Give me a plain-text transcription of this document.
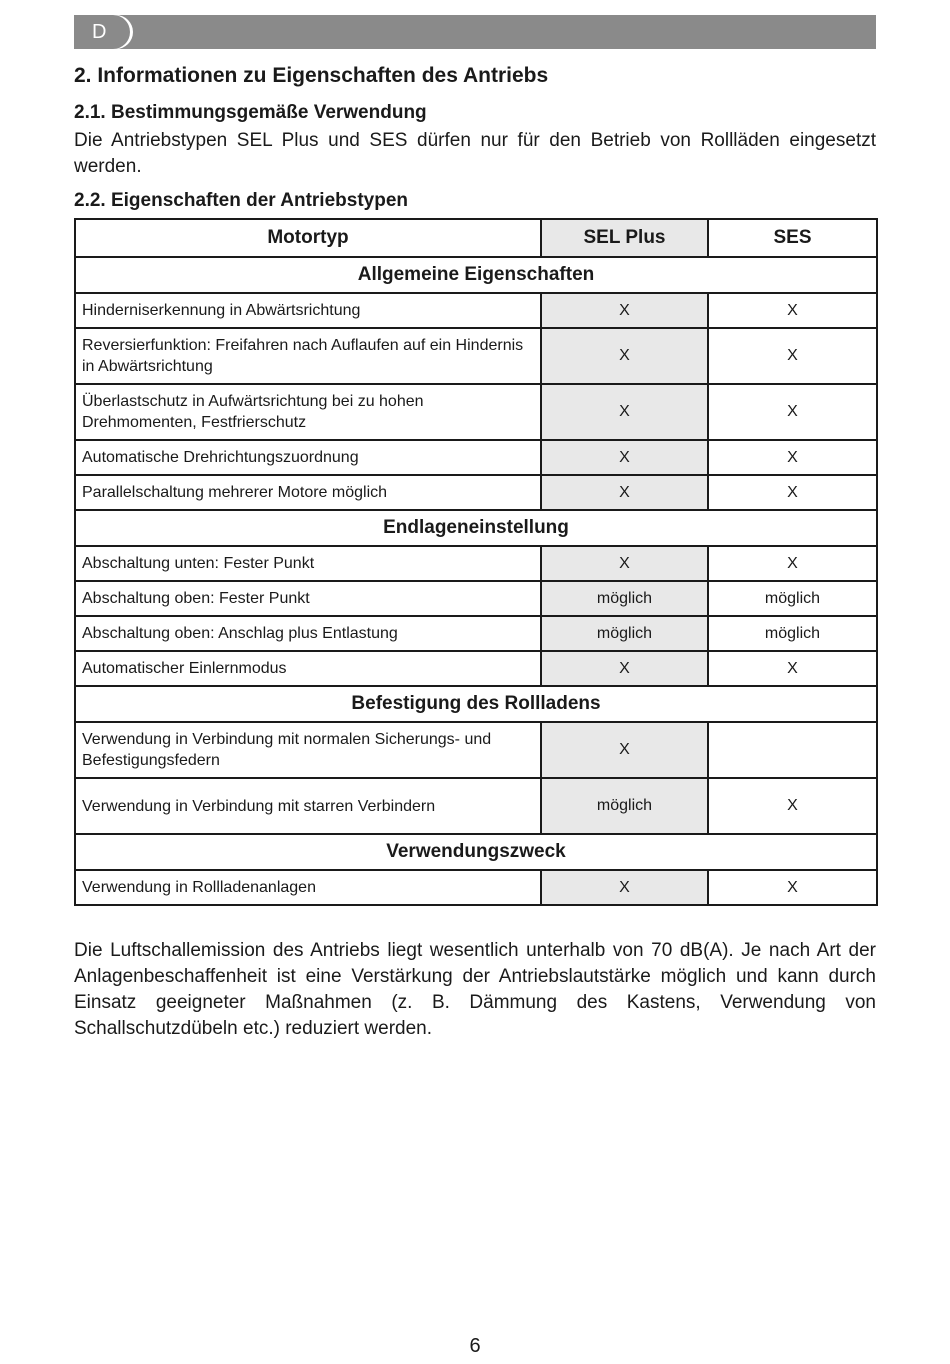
D
2. Informationen zu Eigenschaften des Antriebs
2.1. Bestimmungsgemäße Verwendung

Die Antriebstypen SEL Plus und SES dürfen nur für den Betrieb von Rollläden eingesetzt werden.

2.2. Eigenschaften der Antriebstypen
Motortyp	SEL Plus	SES
Allgemeine Eigenschaften		
Hinderniserkennung in Abwärtsrichtung	X	X
Reversierfunktion: Freifahren nach Auflaufen auf ein Hindernis in Abwärtsrichtung	X	X
Überlastschutz in Aufwärtsrichtung bei zu hohen Drehmomenten, Festfrierschutz	X	X
Automatische Drehrichtungszuordnung	X	X
Parallelschaltung mehrerer Motore möglich	X	X
Endlageneinstellung		
Abschaltung unten: Fester Punkt	X	X
Abschaltung oben: Fester Punkt	möglich	möglich
Abschaltung oben: Anschlag plus Entlastung	möglich	möglich
Automatischer Einlernmodus	X	X
Befestigung des Rollladens		
Verwendung in Verbindung mit normalen Sicherungs- und Befestigungsfedern	X	
Verwendung in Verbindung mit starren Verbindern	möglich	X
Verwendungszweck		
Verwendung in Rollladenanlagen	X	X

Die Luftschallemission des Antriebs liegt wesentlich unterhalb von 70 dB(A). Je nach Art der Anlagenbeschaffenheit ist eine Verstärkung der Antriebslautstärke möglich und kann durch Einsatz geeigneter Maßnahmen (z. B. Dämmung des Kastens, Verwendung von Schallschutzdübeln etc.) reduziert werden.

6
